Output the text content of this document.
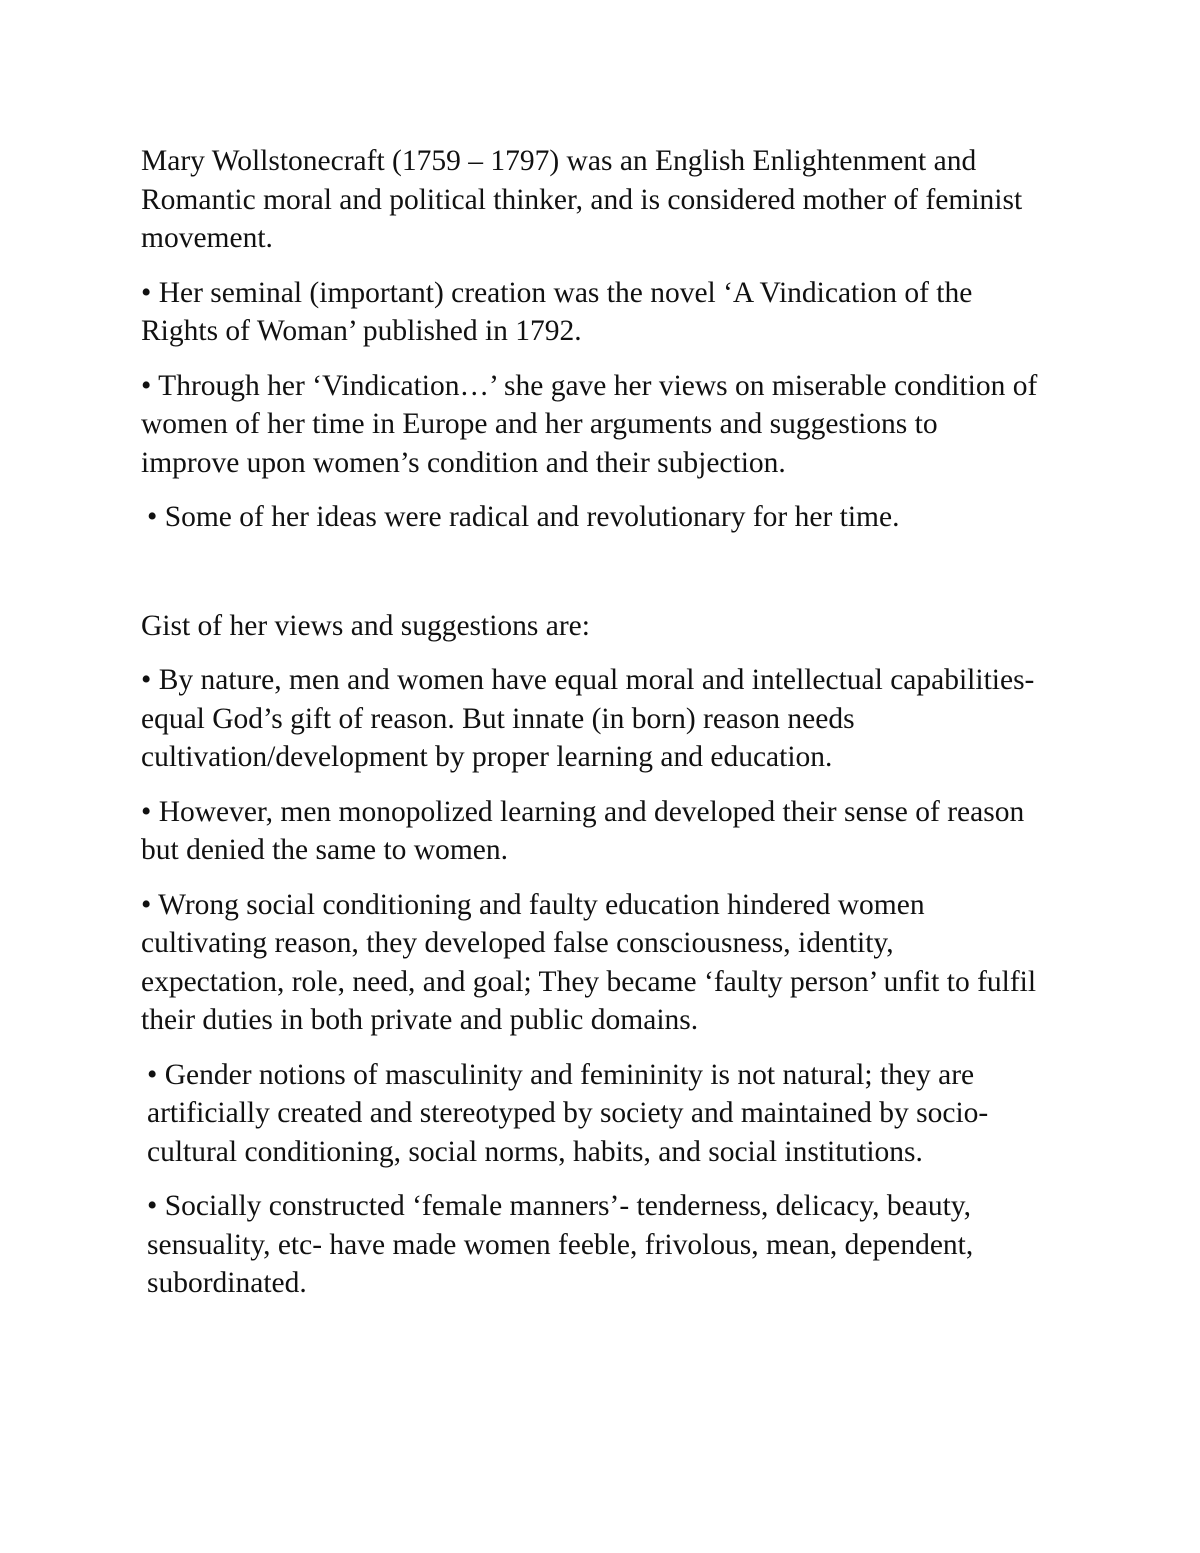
Mary Wollstonecraft (1759 – 1797) was an English Enlightenment and Romantic moral and political thinker, and is considered mother of feminist movement.

• Her seminal (important) creation was the novel ‘A Vindication of the Rights of Woman’ published in 1792.

• Through her ‘Vindication…’ she gave her views on miserable condition of women of her time in Europe and her arguments and suggestions to improve upon women’s condition and their subjection.

• Some of her ideas were radical and revolutionary for her time.

Gist of her views and suggestions are:

• By nature, men and women have equal moral and intellectual capabilities- equal God’s gift of reason. But innate (in born) reason needs cultivation/development by proper learning and education.

• However, men monopolized learning and developed their sense of reason but denied the same to women.

• Wrong social conditioning and faulty education hindered women cultivating reason, they developed false consciousness, identity, expectation, role, need, and goal; They became ‘faulty person’ unfit to fulfil their duties in both private and public domains.

• Gender notions of masculinity and femininity is not natural; they are artificially created and stereotyped by society and maintained by socio-cultural conditioning, social norms, habits, and social institutions.

• Socially constructed ‘female manners’- tenderness, delicacy, beauty, sensuality, etc- have made women feeble, frivolous, mean, dependent, subordinated.
